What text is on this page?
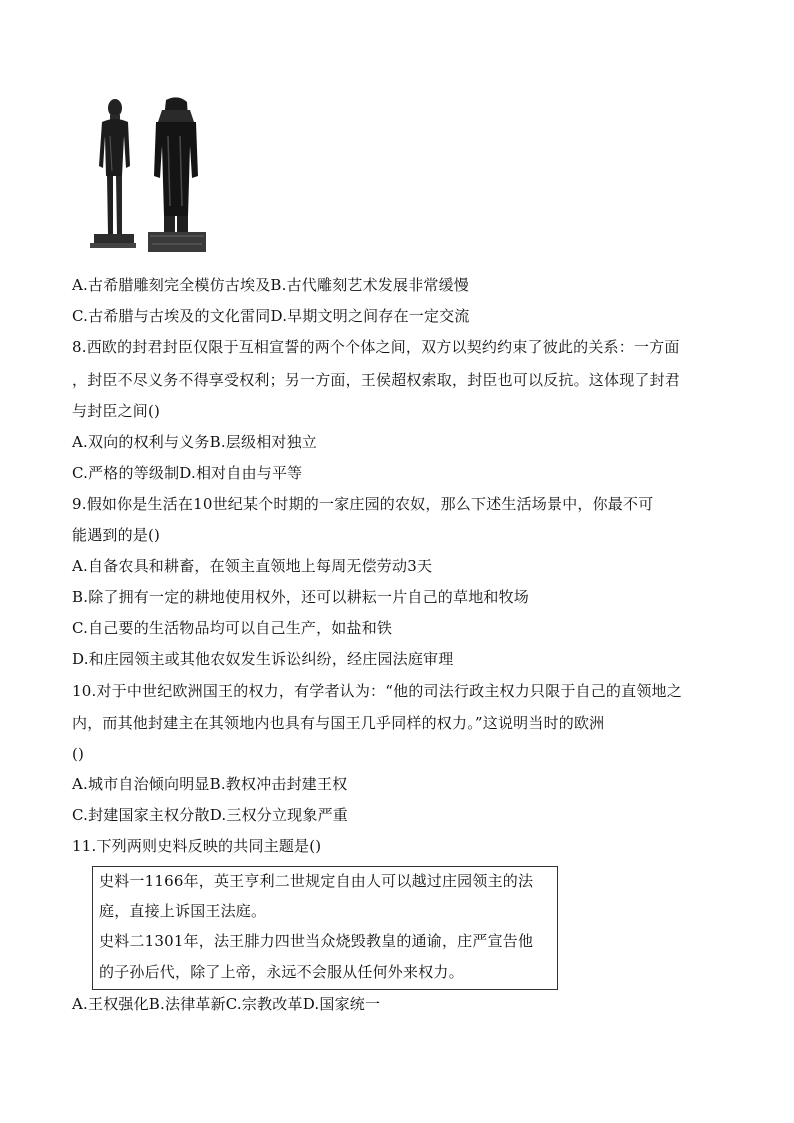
A.古希腊雕刻完全模仿古埃及B.古代雕刻艺术发展非常缓慢
C.古希腊与古埃及的文化雷同D.早期文明之间存在一定交流
8.西欧的封君封臣仅限于互相宣誓的两个个体之间，双方以契约约束了彼此的关系：一方面
，封臣不尽义务不得享受权利；另一方面，王侯超权索取，封臣也可以反抗。这体现了封君
与封臣之间()
A.双向的权利与义务B.层级相对独立
C.严格的等级制D.相对自由与平等
9.假如你是生活在10世纪某个时期的一家庄园的农奴，那么下述生活场景中，你最不可
能遇到的是()
A.自备农具和耕畜，在领主直领地上每周无偿劳动3天
B.除了拥有一定的耕地使用权外，还可以耕耘一片自己的草地和牧场
C.自己要的生活物品均可以自己生产，如盐和铁
D.和庄园领主或其他农奴发生诉讼纠纷，经庄园法庭审理
10.对于中世纪欧洲国王的权力，有学者认为：“他的司法行政主权力只限于自己的直领地之
内，而其他封建主在其领地内也具有与国王几乎同样的权力。”这说明当时的欧洲
()
A.城市自治倾向明显B.教权冲击封建王权
C.封建国家主权分散D.三权分立现象严重
11.下列两则史料反映的共同主题是()
史料一1166年，英王亨利二世规定自由人可以越过庄园领主的法
庭，直接上诉国王法庭。
史料二1301年，法王腓力四世当众烧毁教皇的通谕，庄严宣告他
的子孙后代，除了上帝，永远不会服从任何外来权力。
A.王权强化B.法律革新C.宗教改革D.国家统一
